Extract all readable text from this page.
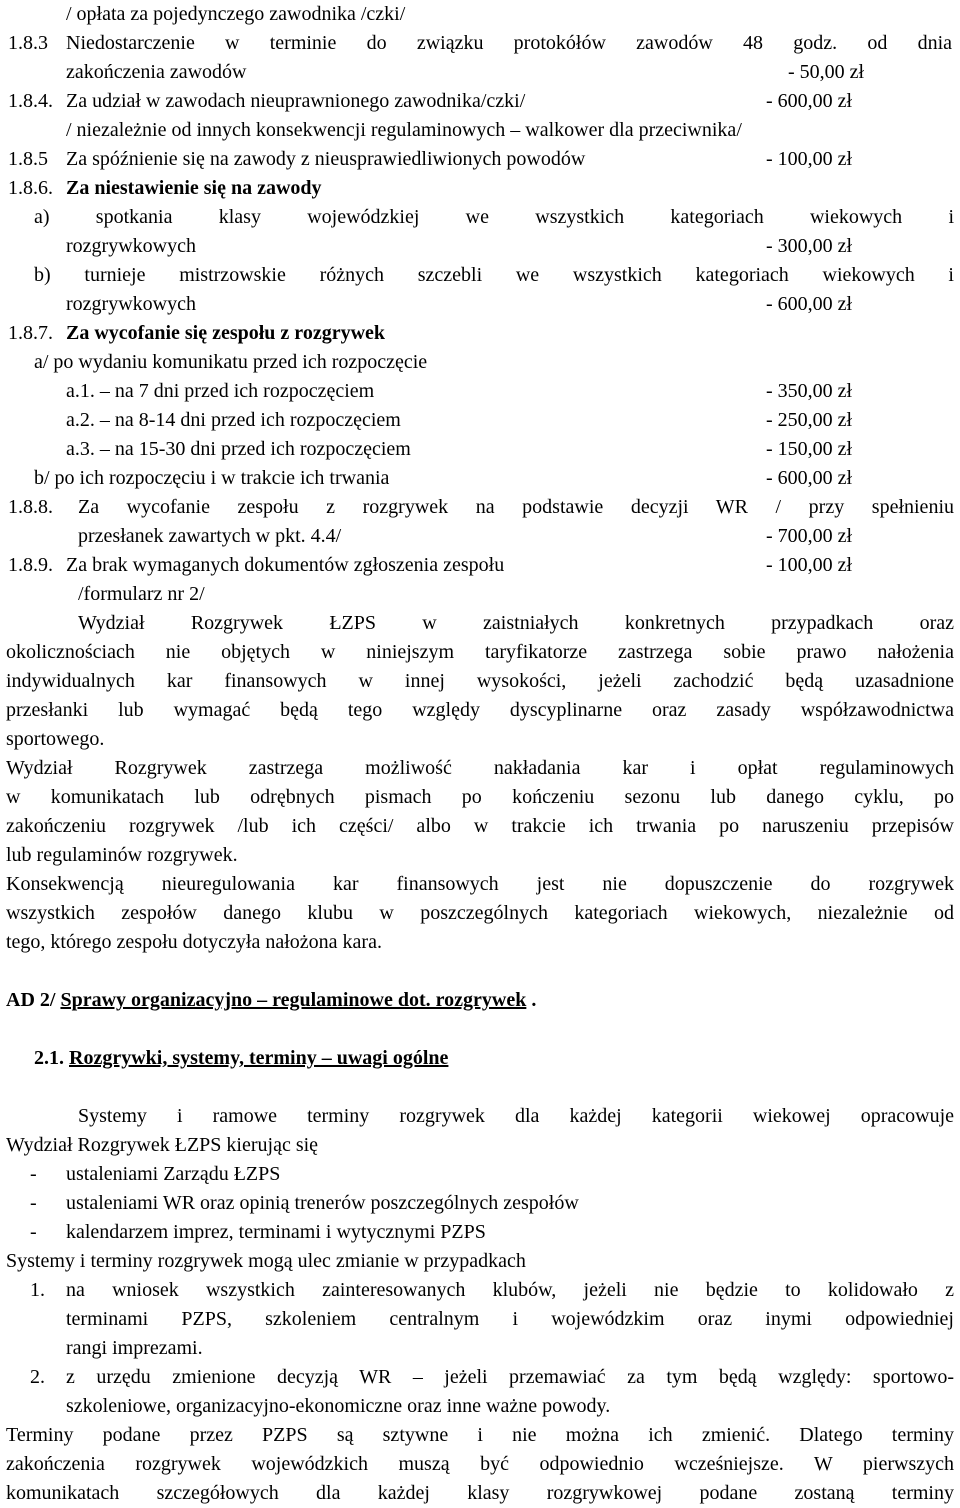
/ opłata za pojedynczego zawodnika /czki/
1.8.3 Niedostarczenie w terminie do związku protokółów zawodów 48 godz. od dnia
zakończenia zawodów	- 50,00 zł
1.8.4. Za udział w zawodach nieuprawnionego zawodnika/czki/	- 600,00 zł
/ niezależnie od innych konsekwencji regulaminowych – walkower dla przeciwnika/
1.8.5 Za spóźnienie się na zawody z nieusprawiedliwionych powodów	- 100,00 zł
1.8.6. Za niestawienie się na zawody
a) spotkania klasy wojewódzkiej we wszystkich kategoriach wiekowych i
rozgrywkowych	- 300,00 zł
b) turnieje mistrzowskie różnych szczebli we wszystkich kategoriach wiekowych i
rozgrywkowych	- 600,00 zł
1.8.7. Za wycofanie się zespołu z rozgrywek
a/ po wydaniu komunikatu przed ich rozpoczęcie
a.1. – na 7 dni przed ich rozpoczęciem	- 350,00 zł
a.2. – na 8-14 dni przed ich rozpoczęciem	- 250,00 zł
a.3. – na 15-30 dni przed ich rozpoczęciem	- 150,00 zł
b/ po ich rozpoczęciu i w trakcie ich trwania	- 600,00 zł
1.8.8. Za wycofanie zespołu z rozgrywek na podstawie decyzji WR / przy spełnieniu
przesłanek zawartych w pkt. 4.4/	- 700,00 zł
1.8.9. Za brak wymaganych dokumentów zgłoszenia zespołu	- 100,00 zł
/formularz nr 2/
Wydział Rozgrywek ŁZPS w zaistniałych konkretnych przypadkach oraz
okolicznościach nie objętych w niniejszym taryfikatorze zastrzega sobie prawo nałożenia
indywidualnych kar finansowych w innej wysokości, jeżeli zachodzić będą uzasadnione
przesłanki lub wymagać będą tego względy dyscyplinarne oraz zasady współzawodnictwa
sportowego.
Wydział Rozgrywek zastrzega możliwość nakładania kar i opłat regulaminowych
w komunikatach lub odrębnych pismach po kończeniu sezonu lub danego cyklu, po
zakończeniu rozgrywek /lub ich części/ albo w trakcie ich trwania po naruszeniu przepisów
lub regulaminów rozgrywek.
Konsekwencją nieuregulowania kar finansowych jest nie dopuszczenie do rozgrywek
wszystkich zespołów danego klubu w poszczególnych kategoriach wiekowych, niezależnie od
tego, którego zespołu dotyczyła nałożona kara.
AD 2/ Sprawy organizacyjno – regulaminowe dot. rozgrywek .
2.1. Rozgrywki, systemy, terminy – uwagi ogólne
Systemy i ramowe terminy rozgrywek dla każdej kategorii wiekowej opracowuje
Wydział Rozgrywek ŁZPS kierując się
- ustaleniami Zarządu ŁZPS
- ustaleniami WR oraz opinią trenerów poszczególnych zespołów
- kalendarzem imprez, terminami i wytycznymi PZPS
Systemy i terminy rozgrywek mogą ulec zmianie w przypadkach
1. na wniosek wszystkich zainteresowanych klubów, jeżeli nie będzie to kolidowało z
terminami PZPS, szkoleniem centralnym i wojewódzkim oraz inymi odpowiedniej
rangi imprezami.
2. z urzędu zmienione decyzją WR – jeżeli przemawiać za tym będą względy: sportowo-
szkoleniowe, organizacyjno-ekonomiczne oraz inne ważne powody.
Terminy podane przez PZPS są sztywne i nie można ich zmienić. Dlatego terminy
zakończenia rozgrywek wojewódzkich muszą być odpowiednio wcześniejsze. W pierwszych
komunikatach szczegółowych dla każdej klasy rozgrywkowej podane zostaną terminy
